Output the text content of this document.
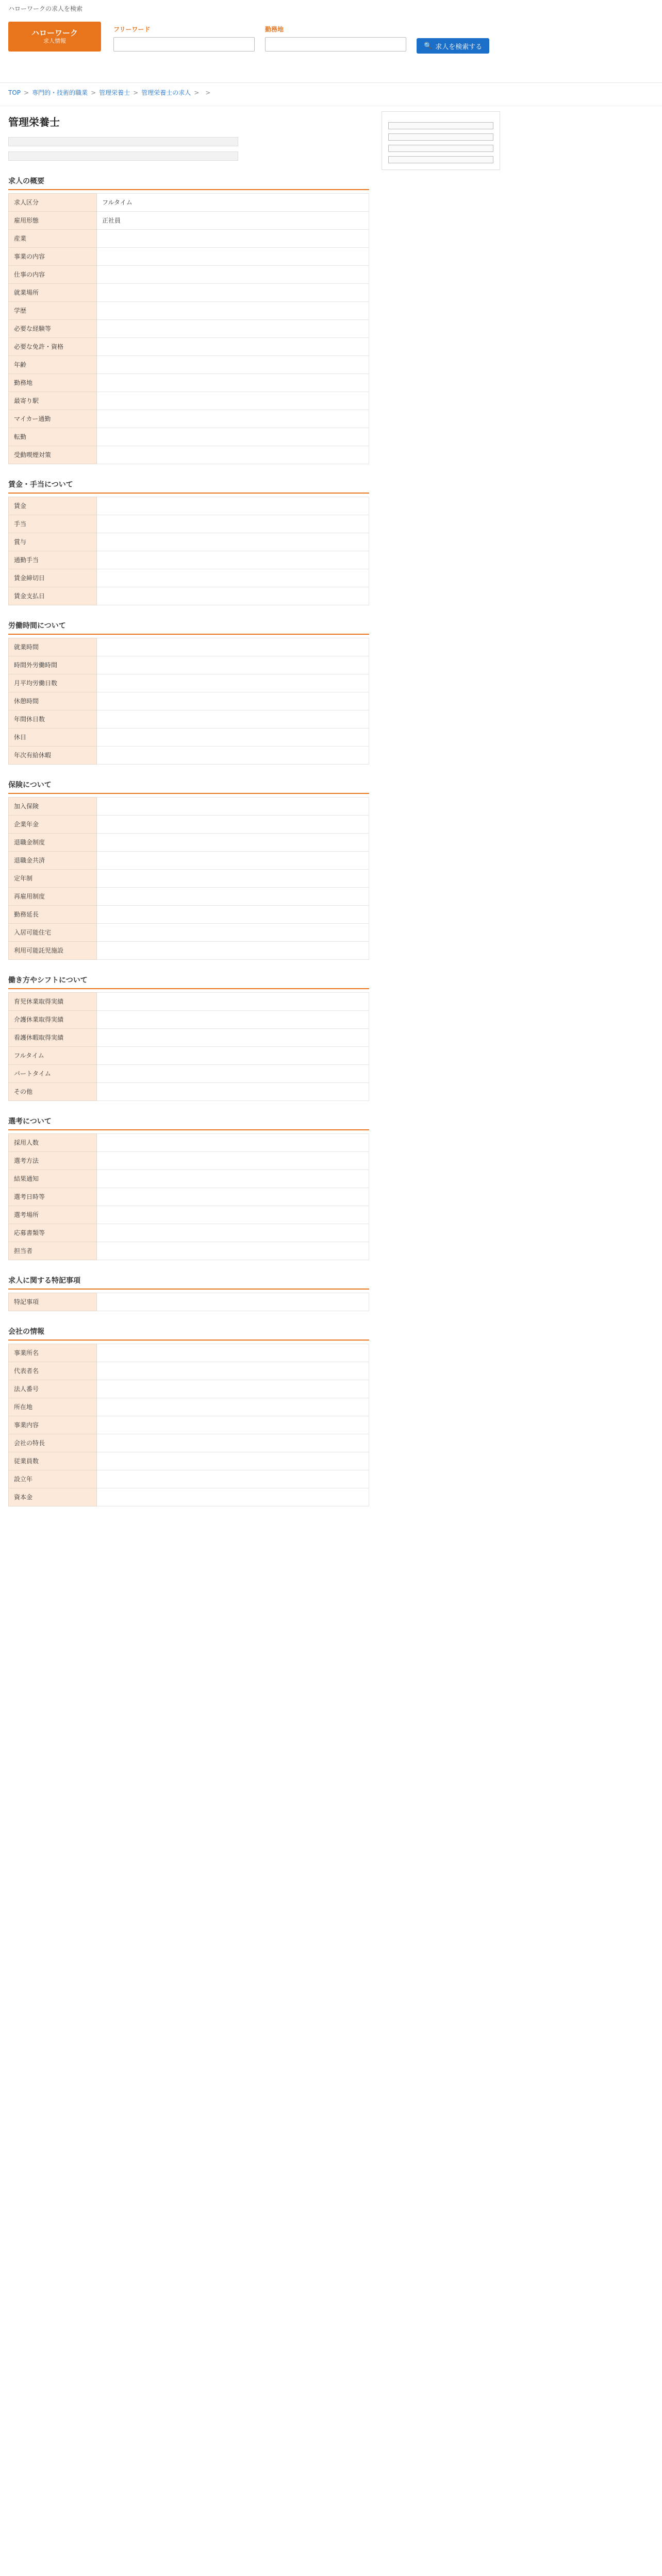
ハローワークの求人を検索
ハローワーク
求人情報
フリーワード	勤務地
🔍 求人を検索する
TOP > 専門的・技術的職業 > 管理栄養士 > 管理栄養士の求人 > >
管理栄養士

求人の概要
求人区分	フルタイム
雇用形態	正社員
産業	
事業の内容	
仕事の内容	
就業場所	
学歴	
必要な経験等	
必要な免許・資格	
年齢	
勤務地	
最寄り駅	
マイカー通勤	
転勤	
受動喫煙対策	
賃金・手当について
賃金	
手当	
賞与	
通勤手当	
賃金締切日	
賃金支払日	
労働時間について
就業時間	
時間外労働時間	
月平均労働日数	
休憩時間	
年間休日数	
休日	
年次有給休暇	
保険について
加入保険	
企業年金	
退職金制度	
退職金共済	
定年制	
再雇用制度	
勤務延長	
入居可能住宅	
利用可能託児施設	
働き方やシフトについて
育児休業取得実績	
介護休業取得実績	
看護休暇取得実績	
フルタイム	
パートタイム	
その他	
選考について
採用人数	
選考方法	
結果通知	
選考日時等	
選考場所	
応募書類等	
担当者	
求人に関する特記事項
特記事項	
会社の情報
事業所名	
代表者名	
法人番号	
所在地	
事業内容	
会社の特長	
従業員数	
設立年	
資本金	
